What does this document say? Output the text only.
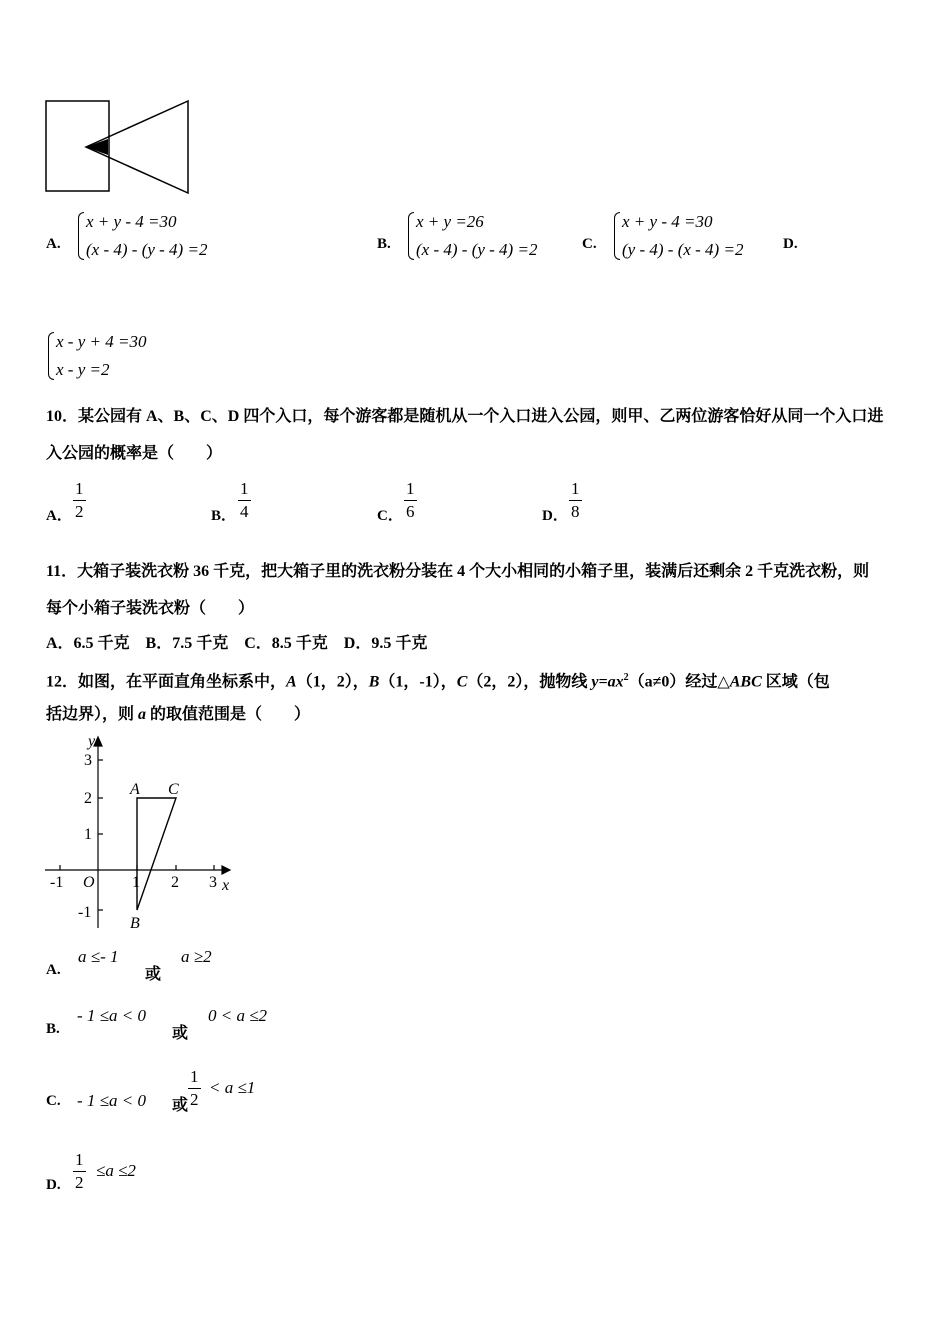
A.
x + y - 4 =30
(x - 4) - (y - 4) =2	B.
x + y =26
(x - 4) - (y - 4) =2	C.
x + y - 4 =30
(y - 4) - (x - 4) =2	D.
x - y + 4 =30
x - y =2
10．某公园有 A、B、C、D 四个入口，每个游客都是随机从一个入口进入公园，则甲、乙两位游客恰好从同一个入口进
入公园的概率是（　　）
A． $\frac{1}{2}$	B． $\frac{1}{4}$	C． $\frac{1}{6}$	D． $\frac{1}{8}$
11．大箱子装洗衣粉 36 千克，把大箱子里的洗衣粉分装在 4 个大小相同的小箱子里，装满后还剩余 2 千克洗衣粉，则
每个小箱子装洗衣粉（　　）
A．6.5 千克　B．7.5 千克　C．8.5 千克　D．9.5 千克
12．如图，在平面直角坐标系中，A（1，2），B（1，-1），C（2，2），抛物线 $y=ax^2(a\ne 0)$经过△ABC 区域（包
括边界），则 a 的取值范围是（　　）
y
x
O
A C
B
-1	1 2 3
3
2
1
-1
A.
a ≤- 1
或
a ≥2
B.
- 1 ≤a < 0
或
0 < a ≤2
C. - 1 ≤a < 0 或 $\frac{1}{2} < a \le 1$
D. $\frac{1}{2} \le a \le 2$
